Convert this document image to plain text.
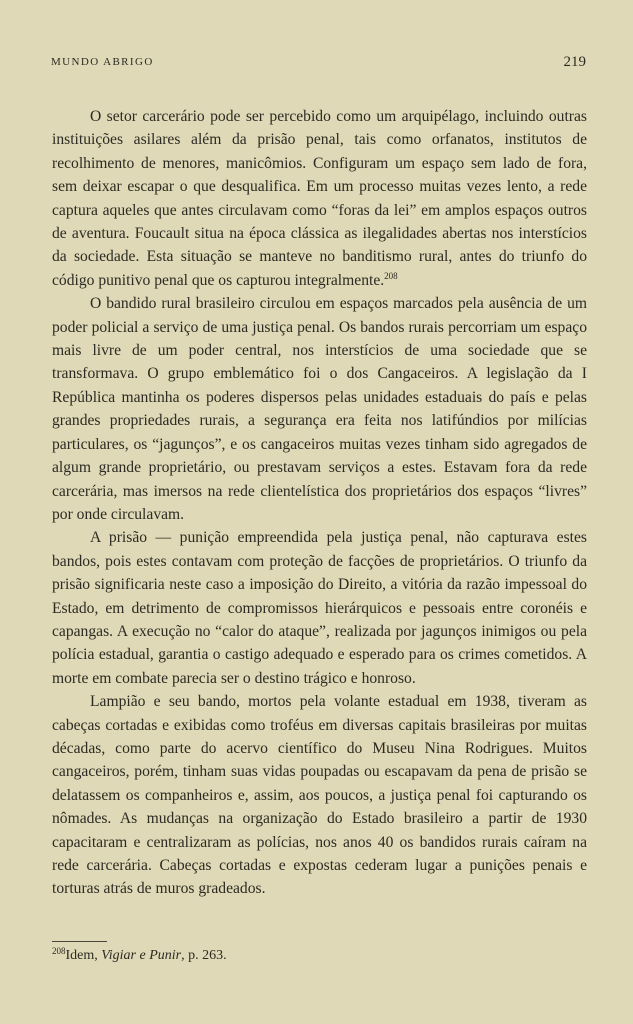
MUNDO ABRIGO	219

O setor carcerário pode ser percebido como um arquipélago, incluindo outras instituições asilares além da prisão penal, tais como orfanatos, institutos de recolhimento de menores, manicômios. Configuram um espaço sem lado de fora, sem deixar escapar o que desqualifica. Em um processo muitas vezes lento, a rede captura aqueles que antes circulavam como “foras da lei” em amplos espaços outros de aventura. Foucault situa na época clássica as ilegalidades abertas nos interstícios da sociedade. Esta situação se manteve no banditismo rural, antes do triunfo do código punitivo penal que os capturou integralmente.$^{208}$

O bandido rural brasileiro circulou em espaços marcados pela ausência de um poder policial a serviço de uma justiça penal. Os bandos rurais percorriam um espaço mais livre de um poder central, nos interstícios de uma sociedade que se transformava. O grupo emblemático foi o dos Cangaceiros. A legislação da I República mantinha os poderes dispersos pelas unidades estaduais do país e pelas grandes propriedades rurais, a segurança era feita nos latifúndios por milícias particulares, os “jagunços”, e os cangaceiros muitas vezes tinham sido agregados de algum grande proprietário, ou prestavam serviços a estes. Estavam fora da rede carcerária, mas imersos na rede clientelística dos proprietários dos espaços “livres” por onde circulavam.

A prisão — punição empreendida pela justiça penal, não capturava estes bandos, pois estes contavam com proteção de facções de proprietários. O triunfo da prisão significaria neste caso a imposição do Direito, a vitória da razão impessoal do Estado, em detrimento de compromissos hierárquicos e pessoais entre coronéis e capangas. A execução no “calor do ataque”, realizada por jagunços inimigos ou pela polícia estadual, garantia o castigo adequado e esperado para os crimes cometidos. A morte em combate parecia ser o destino trágico e honroso.

Lampião e seu bando, mortos pela volante estadual em 1938, tiveram as cabeças cortadas e exibidas como troféus em diversas capitais brasileiras por muitas décadas, como parte do acervo científico do Museu Nina Rodrigues. Muitos cangaceiros, porém, tinham suas vidas poupadas ou escapavam da pena de prisão se delatassem os companheiros e, assim, aos poucos, a justiça penal foi capturando os nômades. As mudanças na organização do Estado brasileiro a partir de 1930 capacitaram e centralizaram as polícias, nos anos 40 os bandidos rurais caíram na rede carcerária. Cabeças cortadas e expostas cederam lugar a punições penais e torturas atrás de muros gradeados.

$^{208}$Idem, Vigiar e Punir, p. 263.
